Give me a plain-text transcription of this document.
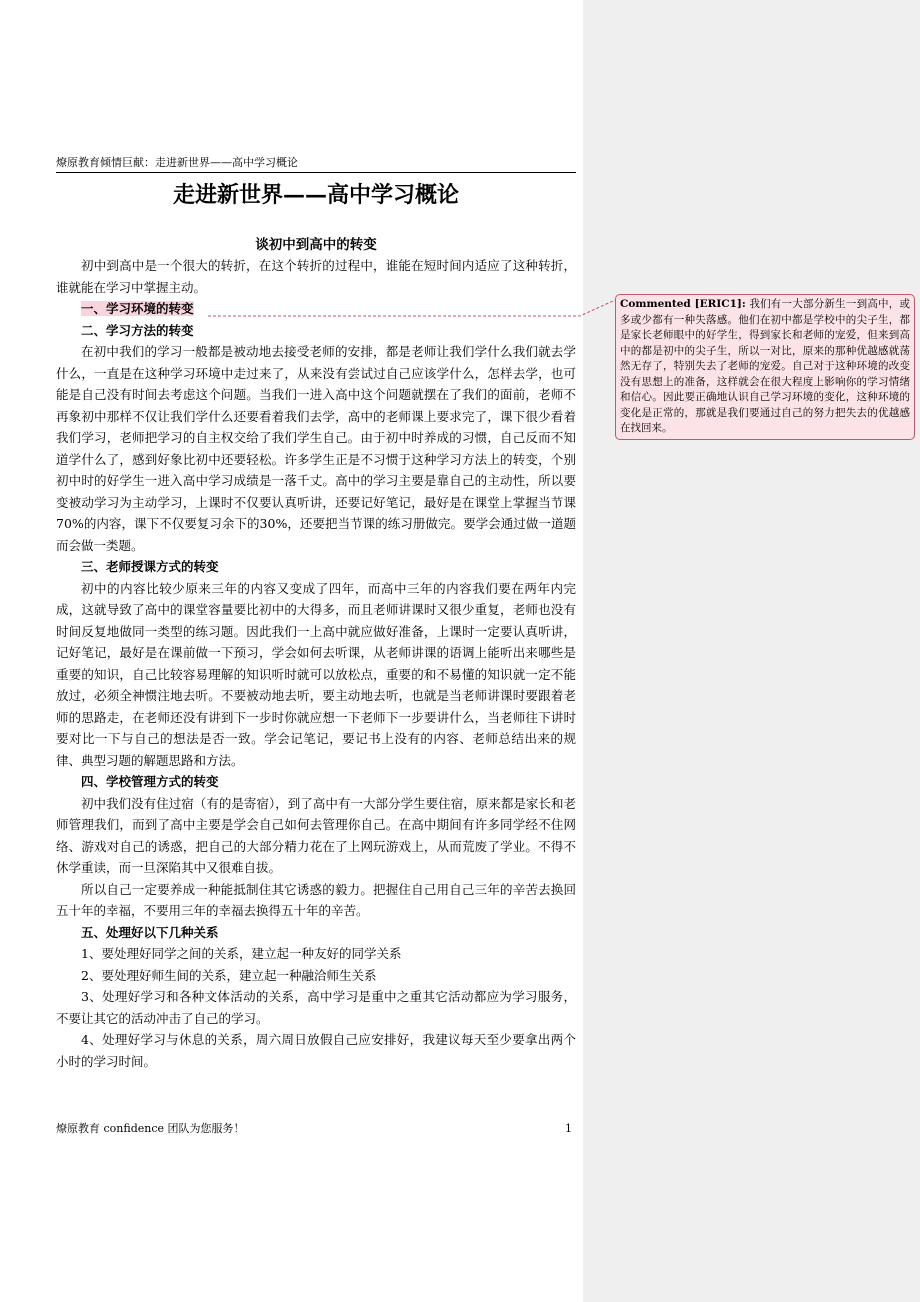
燎原教育倾情巨献：走进新世界——高中学习概论
走进新世界——高中学习概论
谈初中到高中的转变

初中到高中是一个很大的转折，在这个转折的过程中，谁能在短时间内适应了这种转折，谁就能在学习中掌握主动。

一、学习环境的转变

二、学习方法的转变

在初中我们的学习一般都是被动地去接受老师的安排，都是老师让我们学什么我们就去学什么，一直是在这种学习环境中走过来了，从来没有尝试过自己应该学什么，怎样去学，也可能是自己没有时间去考虑这个问题。当我们一进入高中这个问题就摆在了我们的面前，老师不再象初中那样不仅让我们学什么还要看着我们去学，高中的老师课上要求完了，课下很少看着我们学习，老师把学习的自主权交给了我们学生自己。由于初中时养成的习惯，自己反而不知道学什么了，感到好象比初中还要轻松。许多学生正是不习惯于这种学习方法上的转变，个别初中时的好学生一进入高中学习成绩是一落千丈。高中的学习主要是靠自己的主动性，所以要变被动学习为主动学习，上课时不仅要认真听讲，还要记好笔记，最好是在课堂上掌握当节课70%的内容，课下不仅要复习余下的30%，还要把当节课的练习册做完。要学会通过做一道题而会做一类题。

三、老师授课方式的转变

初中的内容比较少原来三年的内容又变成了四年，而高中三年的内容我们要在两年内完成，这就导致了高中的课堂容量要比初中的大得多，而且老师讲课时又很少重复，老师也没有时间反复地做同一类型的练习题。因此我们一上高中就应做好准备，上课时一定要认真听讲，记好笔记，最好是在课前做一下预习，学会如何去听课，从老师讲课的语调上能听出来哪些是重要的知识，自己比较容易理解的知识听时就可以放松点，重要的和不易懂的知识就一定不能放过，必须全神惯注地去听。不要被动地去听，要主动地去听，也就是当老师讲课时要跟着老师的思路走，在老师还没有讲到下一步时你就应想一下老师下一步要讲什么，当老师往下讲时要对比一下与自己的想法是否一致。学会记笔记，要记书上没有的内容、老师总结出来的规律、典型习题的解题思路和方法。

四、学校管理方式的转变

初中我们没有住过宿（有的是寄宿），到了高中有一大部分学生要住宿，原来都是家长和老师管理我们，而到了高中主要是学会自己如何去管理你自己。在高中期间有许多同学经不住网络、游戏对自己的诱惑，把自己的大部分精力花在了上网玩游戏上，从而荒废了学业。不得不休学重读，而一旦深陷其中又很难自拔。

所以自己一定要养成一种能抵制住其它诱惑的毅力。把握住自己用自己三年的辛苦去换回五十年的幸福，不要用三年的幸福去换得五十年的辛苦。

五、处理好以下几种关系

1、要处理好同学之间的关系，建立起一种友好的同学关系

2、要处理好师生间的关系，建立起一种融洽师生关系

3、处理好学习和各种文体活动的关系，高中学习是重中之重其它活动都应为学习服务，不要让其它的活动冲击了自己的学习。

4、处理好学习与休息的关系，周六周日放假自己应安排好，我建议每天至少要拿出两个小时的学习时间。

燎原教育 confidence 团队为您服务！	1
Commented [ERIC1]: 我们有一大部分新生一到高中，或多或少都有一种失落感。他们在初中都是学校中的尖子生，都是家长老师眼中的好学生，得到家长和老师的宠爱，但来到高中的都是初中的尖子生，所以一对比，原来的那种优越感就荡然无存了，特别失去了老师的宠爱。自己对于这种环境的改变没有思想上的准备，这样就会在很大程度上影响你的学习情绪和信心。因此要正确地认识自己学习环境的变化，这种环境的变化是正常的，那就是我们要通过自己的努力把失去的优越感在找回来。
